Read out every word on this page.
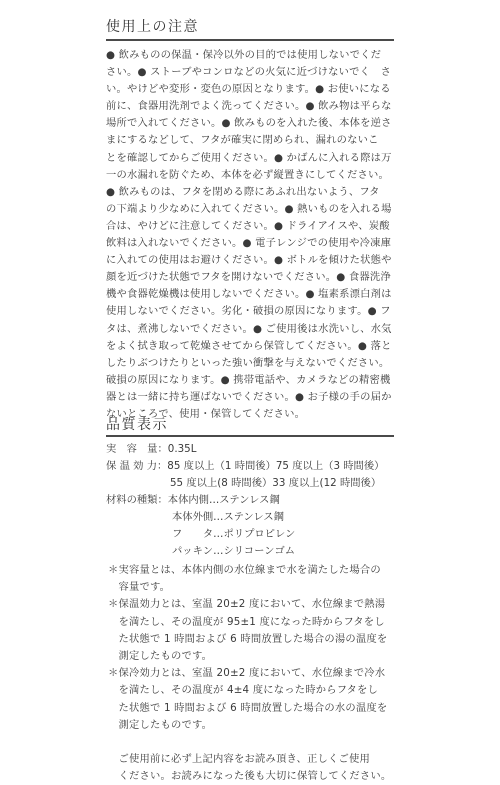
使用上の注意
● 飲みものの保温・保冷以外の目的では使用しないでくだ
さい。● ストーブやコンロなどの火気に近づけないでく　さ
い。やけどや変形・変色の原因となります。● お使いになる
前に、食器用洗剤でよく洗ってください。● 飲み物は平らな
場所で入れてください。● 飲みものを入れた後、本体を逆さ
まにするなどして、フタが確実に閉められ、漏れのないこ
とを確認してからご使用ください。● かばんに入れる際は万
一の水漏れを防ぐため、本体を必ず縦置きにしてください。
● 飲みものは、フタを閉める際にあふれ出ないよう、フタ
の下端より少なめに入れてください。● 熱いものを入れる場
合は、やけどに注意してください。● ドライアイスや、炭酸
飲料は入れないでください。● 電子レンジでの使用や冷凍庫
に入れての使用はお避けください。● ボトルを傾けた状態や
顔を近づけた状態でフタを開けないでください。● 食器洗浄
機や食器乾燥機は使用しないでください。● 塩素系漂白剤は
使用しないでください。劣化・破損の原因になります。● フ
タは、煮沸しないでください。● ご使用後は水洗いし、水気
をよく拭き取って乾燥させてから保管してください。● 落と
したりぶつけたりといった強い衝撃を与えないでください。
破損の原因になります。● 携帯電話や、カメラなどの精密機
器とは一緒に持ち運ばないでください。● お子様の手の届か
ないところで、使用・保管してください。
品質表示
実　容　量：0.35L
保 温 効 力：85 度以上（1 時間後）75 度以上（3 時間後）
55 度以上(8 時間後）33 度以上(12 時間後）
材料の種類：本体内側…ステンレス鋼
本体外側…ステンレス鋼
フ　　タ…ポリプロピレン
パッキン…シリコーンゴム
＊実容量とは、本体内側の水位線まで水を満たした場合の
　容量です。
＊保温効力とは、室温 20±2 度において、水位線まで熱湯
　を満たし、その温度が 95±1 度になった時からフタをし
　た状態で 1 時間および 6 時間放置した場合の湯の温度を
　測定したものです。
＊保冷効力とは、室温 20±2 度において、水位線まで冷水
　を満たし、その温度が 4±4 度になった時からフタをし
　た状態で 1 時間および 6 時間放置した場合の水の温度を
　測定したものです。
　ご使用前に必ず上記内容をお読み頂き、正しくご使用
　ください。お読みになった後も大切に保管してください。
